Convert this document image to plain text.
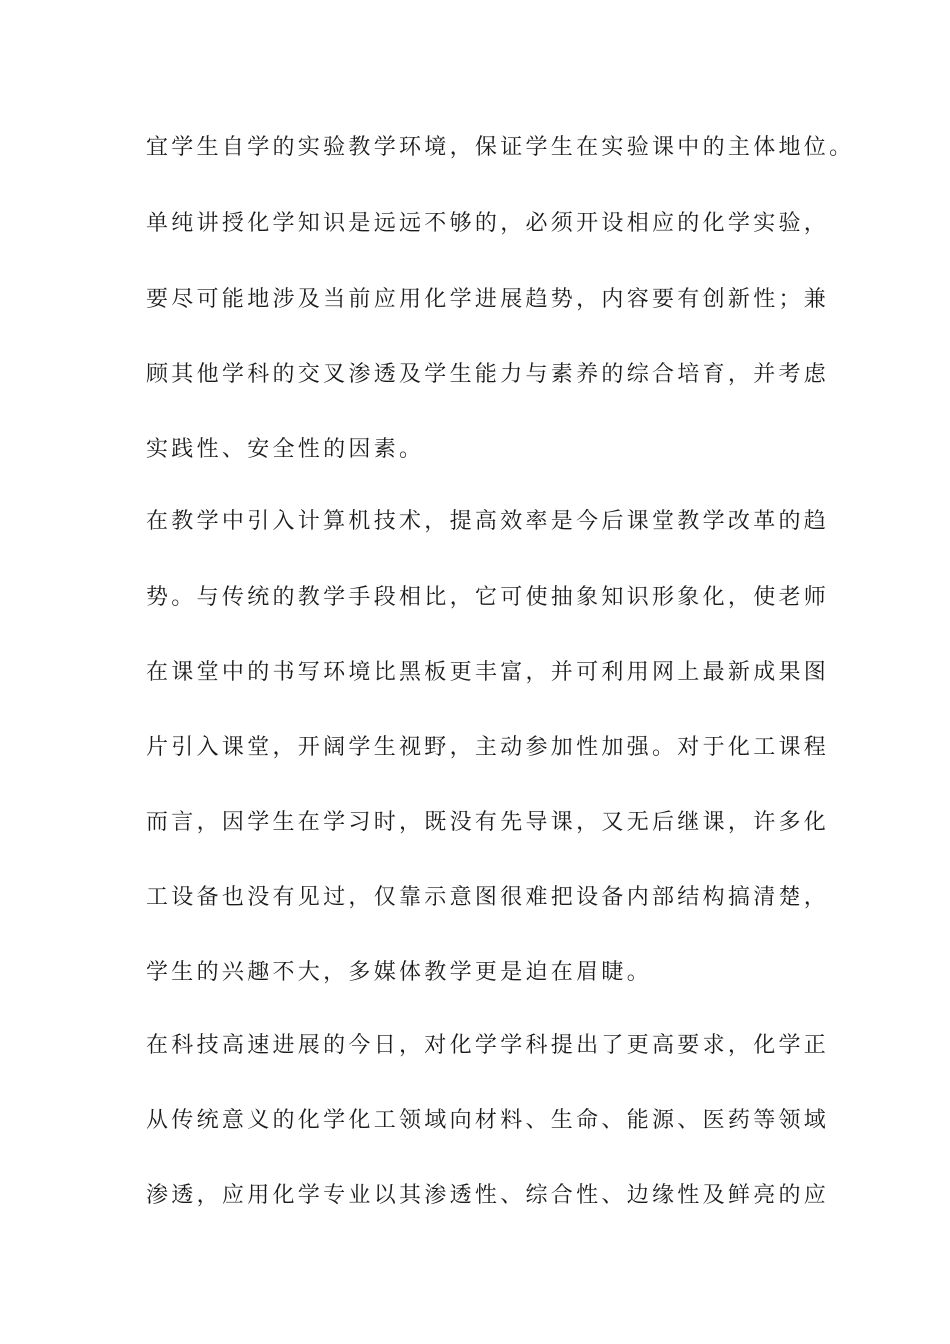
宜学生自学的实验教学环境，保证学生在实验课中的主体地位。
单纯讲授化学知识是远远不够的，必须开设相应的化学实验，
要尽可能地涉及当前应用化学进展趋势，内容要有创新性；兼
顾其他学科的交叉渗透及学生能力与素养的综合培育，并考虑
实践性、安全性的因素。
在教学中引入计算机技术，提高效率是今后课堂教学改革的趋
势。与传统的教学手段相比，它可使抽象知识形象化，使老师
在课堂中的书写环境比黑板更丰富，并可利用网上最新成果图
片引入课堂，开阔学生视野，主动参加性加强。对于化工课程
而言，因学生在学习时，既没有先导课，又无后继课，许多化
工设备也没有见过，仅靠示意图很难把设备内部结构搞清楚，
学生的兴趣不大，多媒体教学更是迫在眉睫。
在科技高速进展的今日，对化学学科提出了更高要求，化学正
从传统意义的化学化工领域向材料、生命、能源、医药等领域
渗透，应用化学专业以其渗透性、综合性、边缘性及鲜亮的应
